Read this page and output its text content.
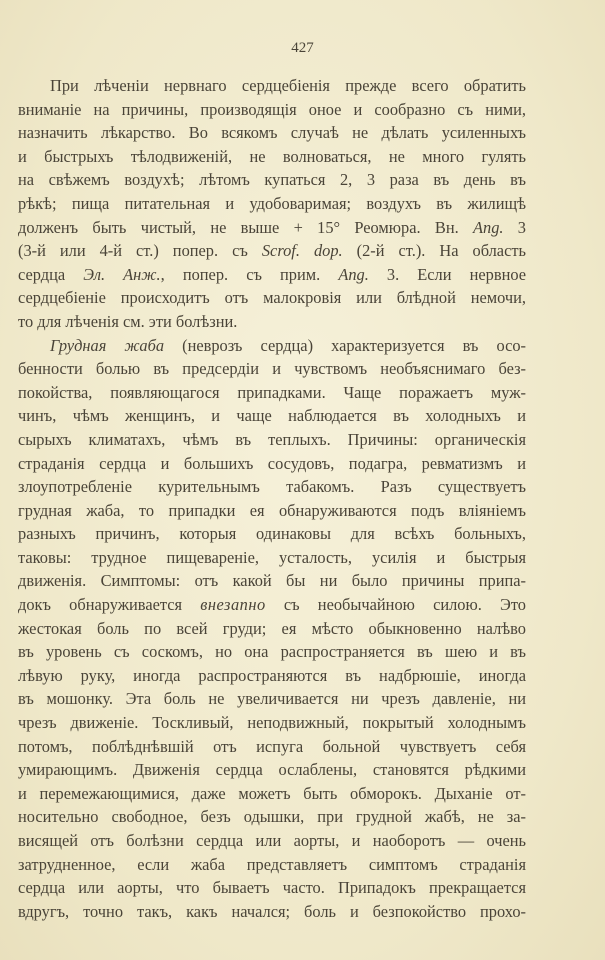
427
При лѣченіи нервнаго сердцебіенія прежде всего обратить
вниманіе на причины, производящія оное и сообразно съ ними,
назначить лѣкарство. Во всякомъ случаѣ не дѣлать усиленныхъ
и быстрыхъ тѣлодвиженій, не волноваться, не много гулять
на свѣжемъ воздухѣ; лѣтомъ купаться 2, 3 раза въ день въ
рѣкѣ; пища питательная и удобоваримая; воздухъ въ жилищѣ
долженъ быть чистый, не выше + 15° Реомюра. Вн. Ang. 3
(3-й или 4-й ст.) попер. съ Scrof. dop. (2-й ст.). На область
сердца Эл. Анж., попер. съ прим. Ang. 3. Если нервное
сердцебіеніе происходитъ отъ малокровія или блѣдной немочи,
то для лѣченія см. эти болѣзни.
Грудная жаба (неврозъ сердца) характеризуется въ осо-
бенности болью въ предсердіи и чувствомъ необъяснимаго без-
покойства, появляющагося припадками. Чаще поражаетъ муж-
чинъ, чѣмъ женщинъ, и чаще наблюдается въ холодныхъ и
сырыхъ климатахъ, чѣмъ въ теплыхъ. Причины: органическія
страданія сердца и большихъ сосудовъ, подагра, ревматизмъ и
злоупотребленіе курительнымъ табакомъ. Разъ существуетъ
грудная жаба, то припадки ея обнаруживаются подъ вліяніемъ
разныхъ причинъ, которыя одинаковы для всѣхъ больныхъ,
таковы: трудное пищевареніе, усталость, усилія и быстрыя
движенія. Симптомы: отъ какой бы ни было причины припа-
докъ обнаруживается внезапно съ необычайною силою. Это
жестокая боль по всей груди; ея мѣсто обыкновенно налѣво
въ уровень съ соскомъ, но она распространяется въ шею и въ
лѣвую руку, иногда распространяются въ надбрюшіе, иногда
въ мошонку. Эта боль не увеличивается ни чрезъ давленіе, ни
чрезъ движеніе. Тоскливый, неподвижный, покрытый холоднымъ
потомъ, поблѣднѣвшій отъ испуга больной чувствуетъ себя
умирающимъ. Движенія сердца ослаблены, становятся рѣдкими
и перемежающимися, даже можетъ быть обморокъ. Дыханіе от-
носительно свободное, безъ одышки, при грудной жабѣ, не за-
висящей отъ болѣзни сердца или аорты, и наоборотъ — очень
затрудненное, если жаба представляетъ симптомъ страданія
сердца или аорты, что бываетъ часто. Припадокъ прекращается
вдругъ, точно такъ, какъ начался; боль и безпокойство прохо-
